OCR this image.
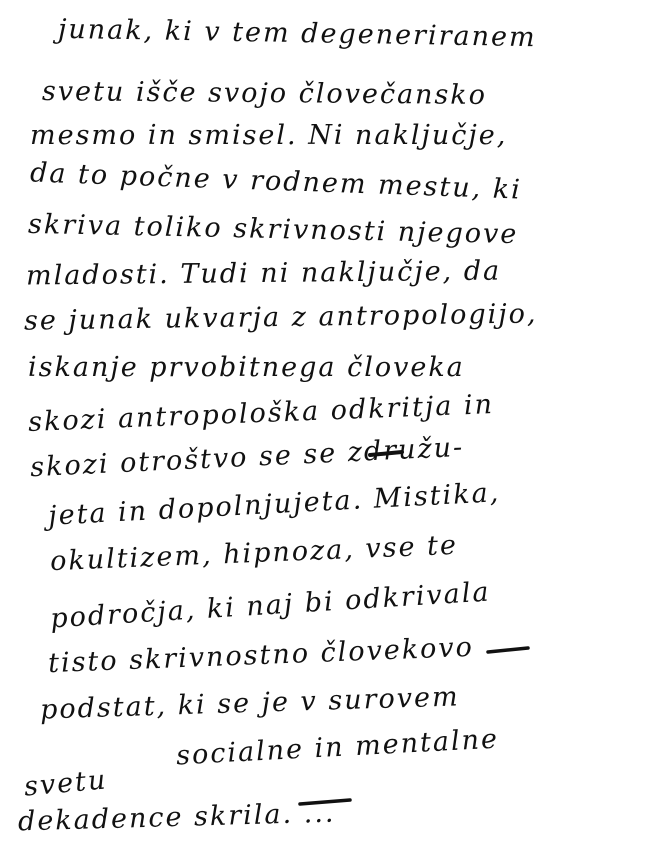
junak, ki v tem degeneriranem
svetu išče svojo človečansko
mesmo in smisel. Ni naključje,
da to počne v rodnem mestu, ki
skriva toliko skrivnosti njegove
mladosti. Tudi ni naključje, da
se junak ukvarja z antropologijo,
iskanje prvobitnega človeka
skozi antropološka odkritja in
skozi otroštvo se se združu-
jeta in dopolnjujeta. Mistika,
okultizem, hipnoza, vse te
področja, ki naj bi odkrivala
tisto skrivnostno človekovo
podstat, ki se je v surovem
socialne in mentalne
svetu
dekadence skrila. ...
